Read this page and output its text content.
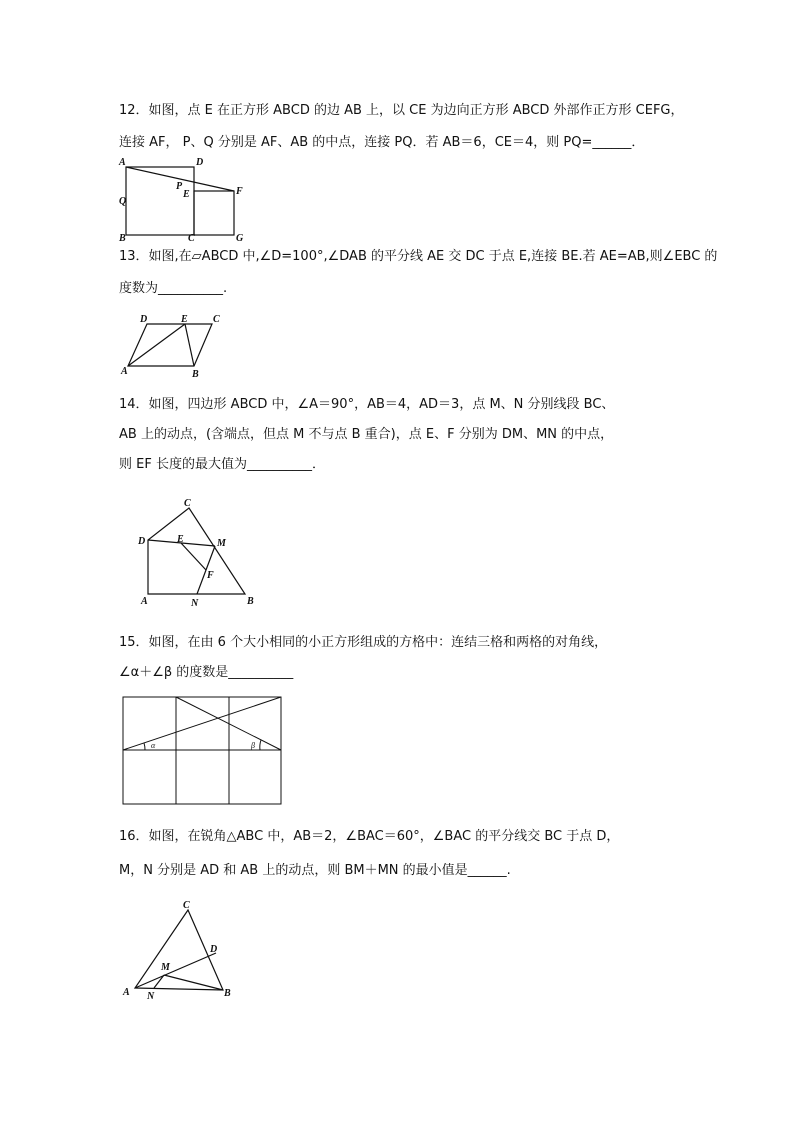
12．如图，点 E 在正方形 ABCD 的边 AB 上，以 CE 为边向正方形 ABCD 外部作正方形 CEFG，
连接 AF， P、Q 分别是 AF、AB 的中点，连接 PQ．若 AB＝6，CE＝4，则 PQ=______．
A	D
P
E	F
Q
B	C	G
13．如图,在▱ABCD 中,∠D=100°,∠DAB 的平分线 AE 交 DC 于点 E,连接 BE.若 AE=AB,则∠EBC 的
度数为__________.
D	E	C
A	B
14．如图，四边形 ABCD 中，∠A＝90°，AB＝4，AD＝3，点 M、N 分别线段 BC、
AB 上的动点，(含端点，但点 M 不与点 B 重合)，点 E、F 分别为 DM、MN 的中点，
则 EF 长度的最大值为__________．
C
D	E	M
F
A	N	B
15．如图，在由 6 个大小相同的小正方形组成的方格中：连结三格和两格的对角线，
∠α＋∠β 的度数是__________
α	β
16．如图，在锐角△ABC 中，AB＝2，∠BAC＝60°，∠BAC 的平分线交 BC 于点 D，
M，N 分别是 AD 和 AB 上的动点，则 BM＋MN 的最小值是______.
C
D
M
A N	B
